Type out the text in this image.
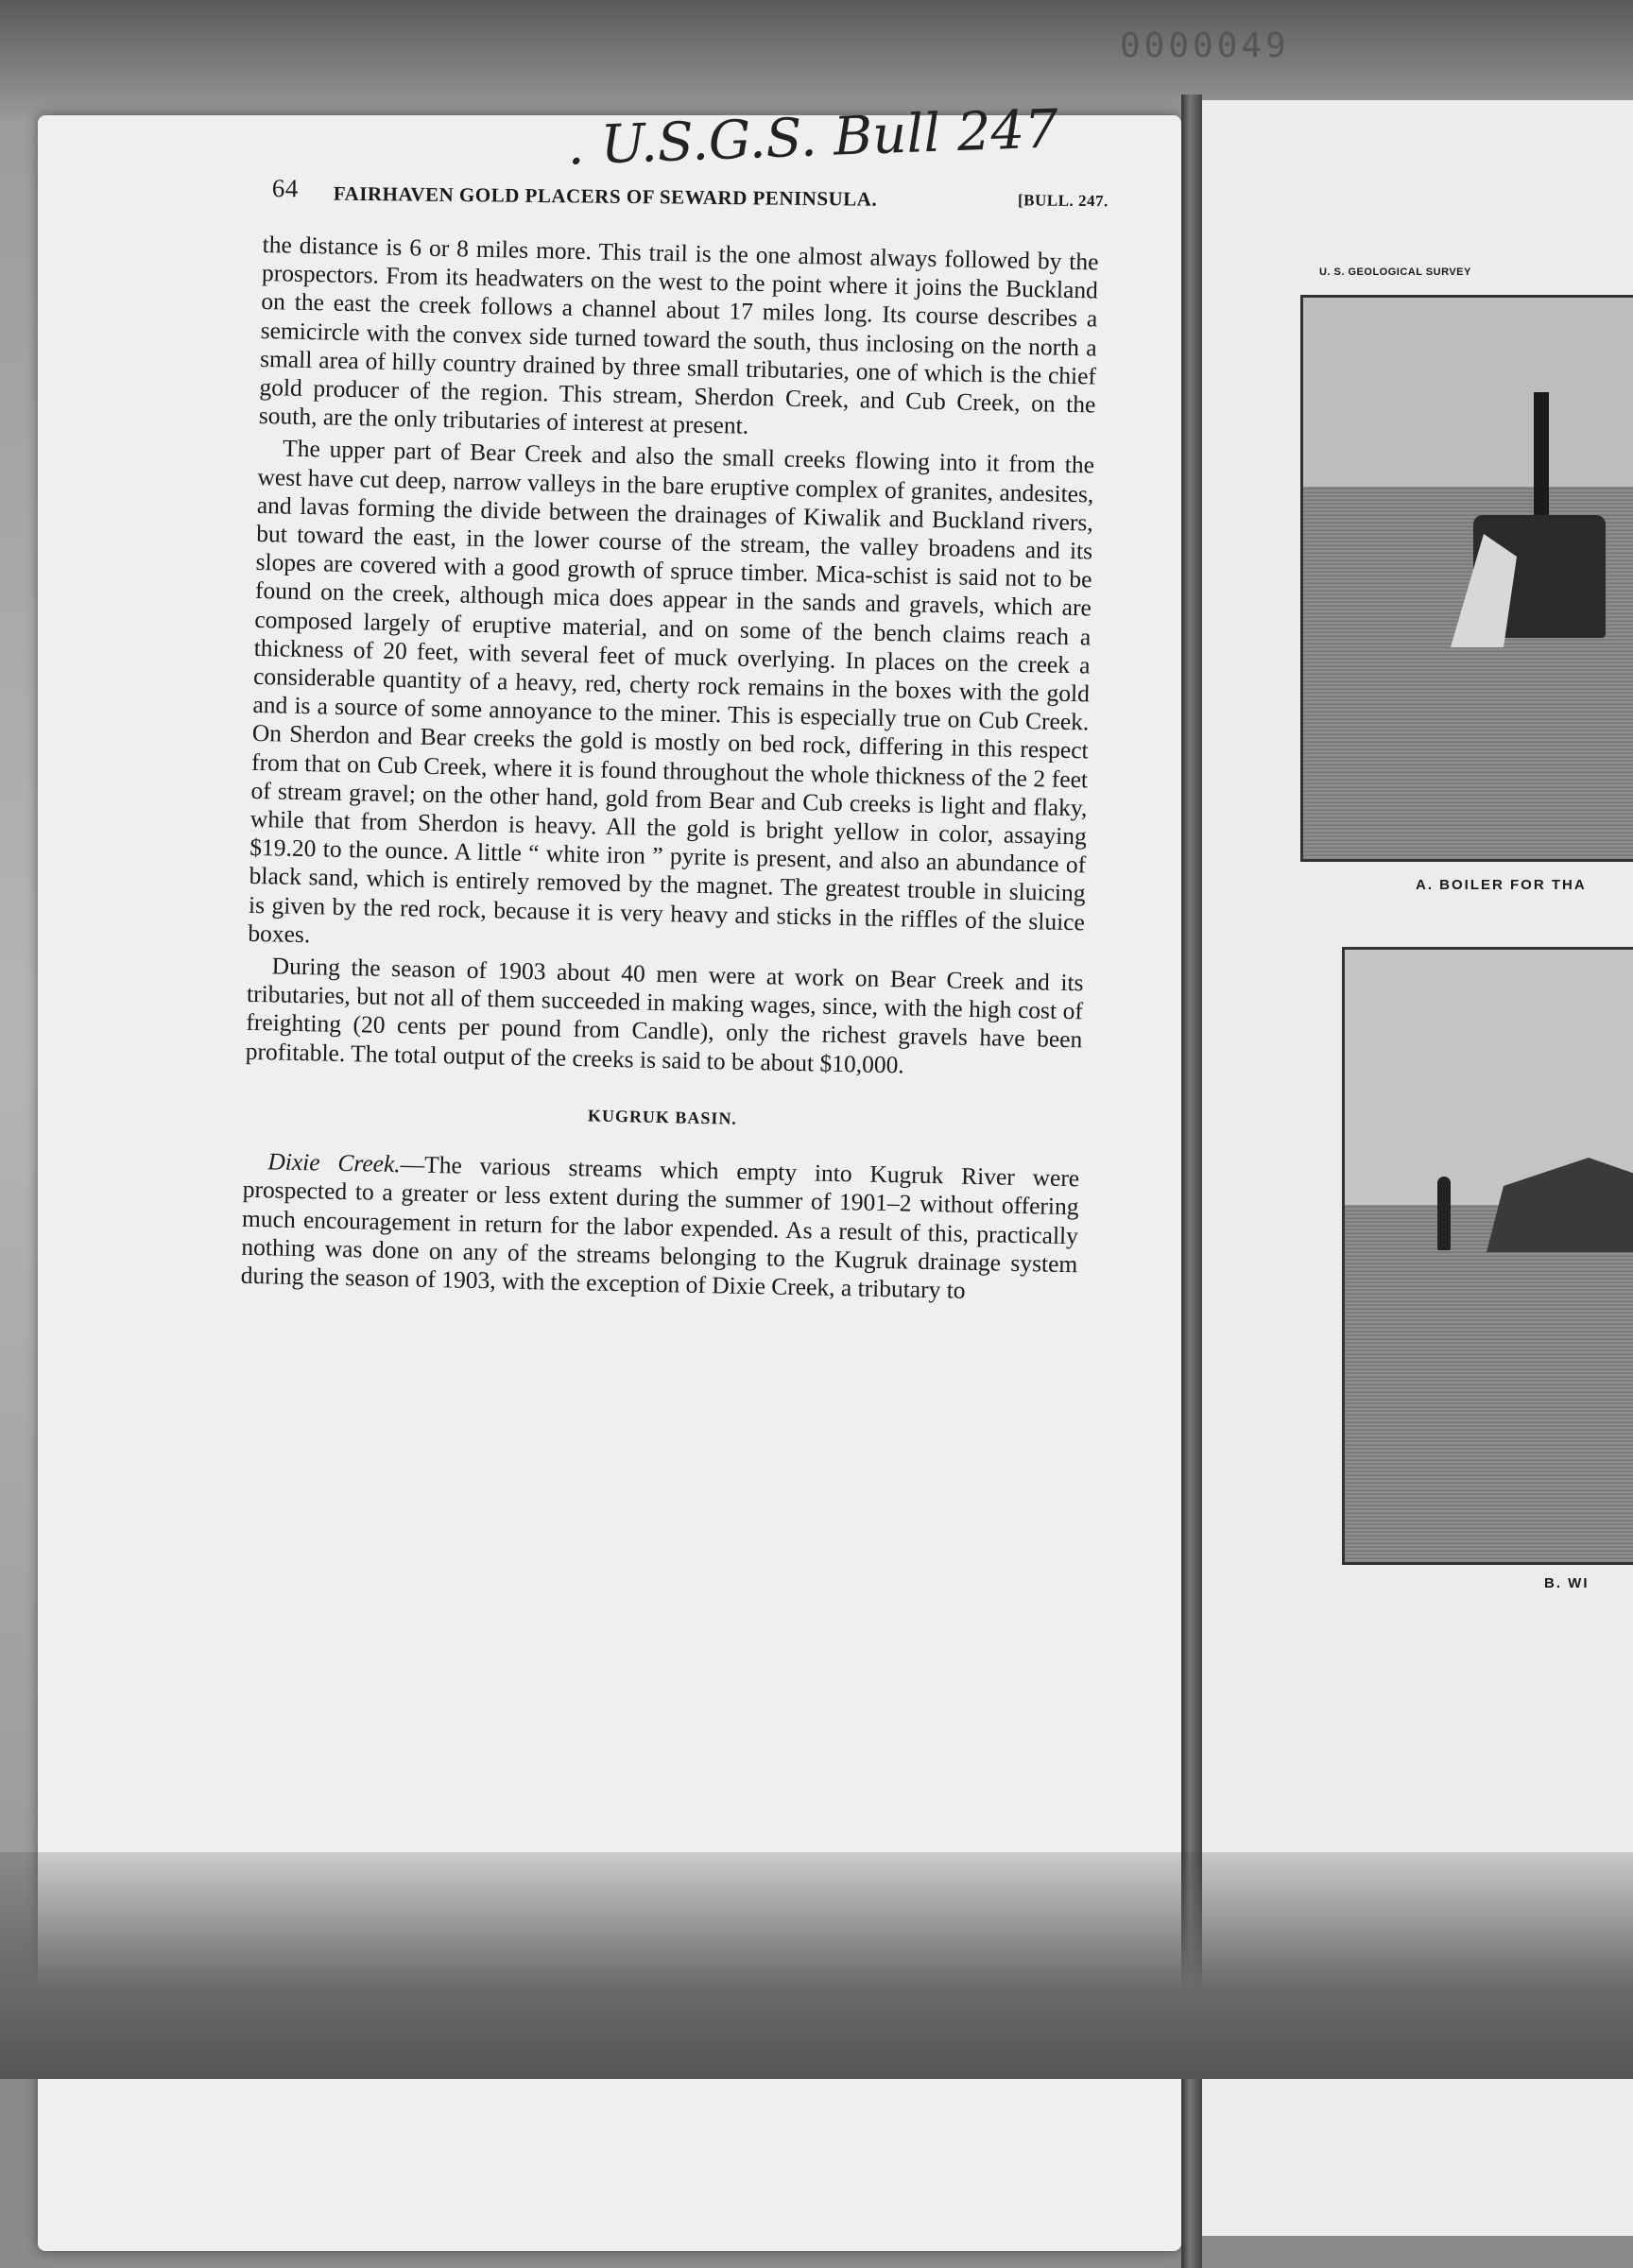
0000049
. U.S.G.S. Bull 247
64 FAIRHAVEN GOLD PLACERS OF SEWARD PENINSULA.	[BULL. 247.

the distance is 6 or 8 miles more. This trail is the one almost always followed by the prospectors. From its headwaters on the west to the point where it joins the Buckland on the east the creek follows a channel about 17 miles long. Its course describes a semicircle with the convex side turned toward the south, thus inclosing on the north a small area of hilly country drained by three small tributaries, one of which is the chief gold producer of the region. This stream, Sherdon Creek, and Cub Creek, on the south, are the only tributaries of interest at present.

The upper part of Bear Creek and also the small creeks flowing into it from the west have cut deep, narrow valleys in the bare eruptive complex of granites, andesites, and lavas forming the divide between the drainages of Kiwalik and Buckland rivers, but toward the east, in the lower course of the stream, the valley broadens and its slopes are covered with a good growth of spruce timber. Mica-schist is said not to be found on the creek, although mica does appear in the sands and gravels, which are composed largely of eruptive material, and on some of the bench claims reach a thickness of 20 feet, with several feet of muck overlying. In places on the creek a considerable quantity of a heavy, red, cherty rock remains in the boxes with the gold and is a source of some annoyance to the miner. This is especially true on Cub Creek. On Sherdon and Bear creeks the gold is mostly on bed rock, differing in this respect from that on Cub Creek, where it is found throughout the whole thickness of the 2 feet of stream gravel; on the other hand, gold from Bear and Cub creeks is light and flaky, while that from Sherdon is heavy. All the gold is bright yellow in color, assaying $19.20 to the ounce. A little “ white iron ” pyrite is present, and also an abundance of black sand, which is entirely removed by the magnet. The greatest trouble in sluicing is given by the red rock, because it is very heavy and sticks in the riffles of the sluice boxes.

During the season of 1903 about 40 men were at work on Bear Creek and its tributaries, but not all of them succeeded in making wages, since, with the high cost of freighting (20 cents per pound from Candle), only the richest gravels have been profitable. The total output of the creeks is said to be about $10,000.

KUGRUK BASIN.

Dixie Creek.—The various streams which empty into Kugruk River were prospected to a greater or less extent during the summer of 1901–2 without offering much encouragement in return for the labor expended. As a result of this, practically nothing was done on any of the streams belonging to the Kugruk drainage system during the season of 1903, with the exception of Dixie Creek, a tributary to

U. S. GEOLOGICAL SURVEY
A. BOILER FOR THA
B. WI
